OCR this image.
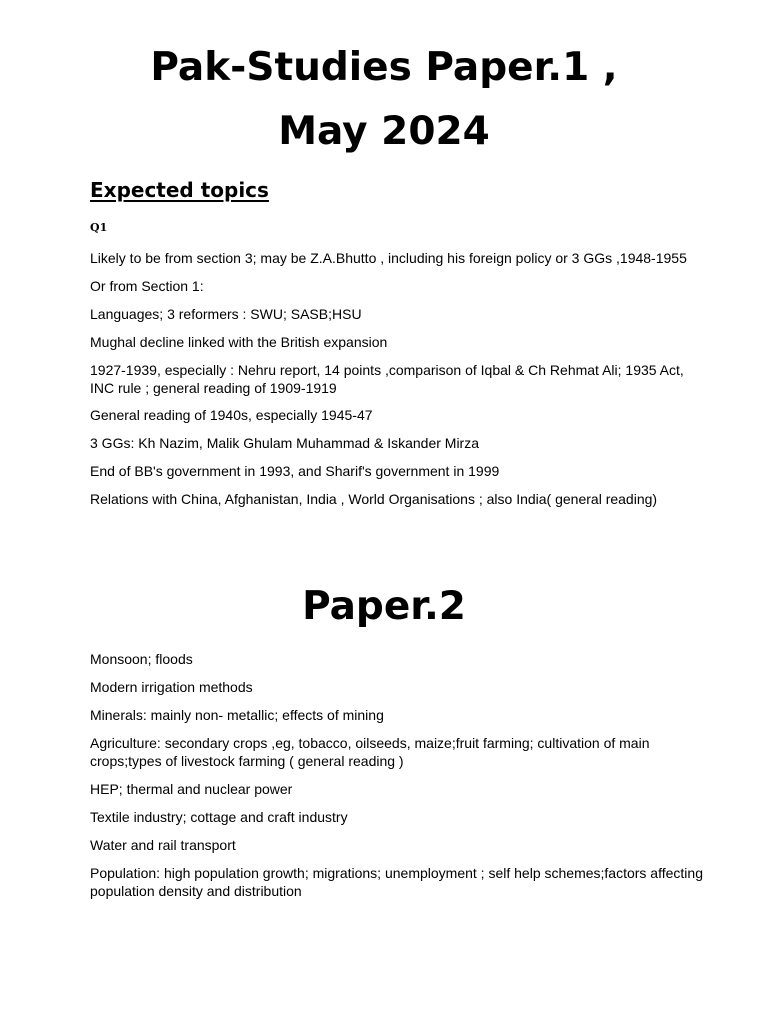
Pak-Studies Paper.1 ,
May 2024
Expected topics
Q1

Likely to be from section 3; may be Z.A.Bhutto , including his foreign policy or 3 GGs ,1948-1955

Or from Section 1:

Languages; 3 reformers : SWU; SASB;HSU

Mughal decline linked with the British expansion

1927-1939, especially : Nehru report, 14 points ,comparison of Iqbal & Ch Rehmat Ali; 1935 Act, INC rule ; general reading of 1909-1919

General reading of 1940s, especially 1945-47

3 GGs: Kh Nazim, Malik Ghulam Muhammad & Iskander Mirza

End of BB's government in 1993, and Sharif's government in 1999

Relations with China, Afghanistan, India , World Organisations ; also India( general reading)

Paper.2

Monsoon; floods

Modern irrigation methods

Minerals: mainly non- metallic; effects of mining

Agriculture: secondary crops ,eg, tobacco, oilseeds, maize;fruit farming; cultivation of main crops;types of livestock farming ( general reading )

HEP; thermal and nuclear power

Textile industry; cottage and craft industry

Water and rail transport

Population: high population growth; migrations; unemployment ; self help schemes;factors affecting population density and distribution
